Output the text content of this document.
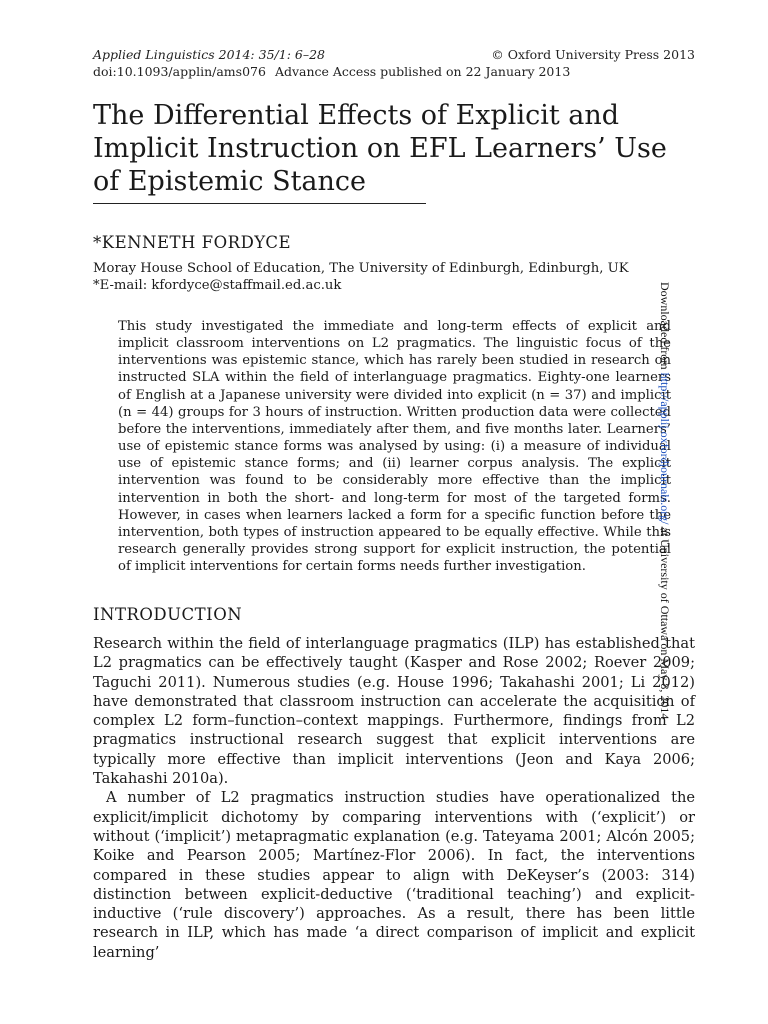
Applied Linguistics 2014: 35/1: 6–28	© Oxford University Press 2013
doi:10.1093/applin/ams076 Advance Access published on 22 January 2013
The Differential Effects of Explicit and Implicit Instruction on EFL Learners’ Use of Epistemic Stance
*KENNETH FORDYCE
Moray House School of Education, The University of Edinburgh, Edinburgh, UK
*E-mail: kfordyce@staffmail.ed.ac.uk

This study investigated the immediate and long-term effects of explicit and implicit classroom interventions on L2 pragmatics. The linguistic focus of the interventions was epistemic stance, which has rarely been studied in research on instructed SLA within the field of interlanguage pragmatics. Eighty-one learners of English at a Japanese university were divided into explicit (n = 37) and implicit (n = 44) groups for 3 hours of instruction. Written production data were collected before the interventions, immediately after them, and five months later. Learners’ use of epistemic stance forms was analysed by using: (i) a measure of individual use of epistemic stance forms; and (ii) learner corpus analysis. The explicit intervention was found to be considerably more effective than the implicit intervention in both the short- and long-term for most of the targeted forms. However, in cases when learners lacked a form for a specific function before the intervention, both types of instruction appeared to be equally effective. While this research generally provides strong support for explicit instruction, the potential of implicit interventions for certain forms needs further investigation.

Downloaded from http://applij.oxfordjournals.org/ at University of Ottawa on May 8, 2014
INTRODUCTION

Research within the field of interlanguage pragmatics (ILP) has established that L2 pragmatics can be effectively taught (Kasper and Rose 2002; Roever 2009; Taguchi 2011). Numerous studies (e.g. House 1996; Takahashi 2001; Li 2012) have demonstrated that classroom instruction can accelerate the acquisition of complex L2 form–function–context mappings. Furthermore, findings from L2 pragmatics instructional research suggest that explicit interventions are typically more effective than implicit interventions (Jeon and Kaya 2006; Takahashi 2010a).

A number of L2 pragmatics instruction studies have operationalized the explicit/implicit dichotomy by comparing interventions with (‘explicit’) or without (‘implicit’) metapragmatic explanation (e.g. Tateyama 2001; Alcón 2005; Koike and Pearson 2005; Martínez-Flor 2006). In fact, the interventions compared in these studies appear to align with DeKeyser’s (2003: 314) distinction between explicit-deductive (‘traditional teaching’) and explicit-inductive (‘rule discovery’) approaches. As a result, there has been little research in ILP, which has made ‘a direct comparison of implicit and explicit learning’
